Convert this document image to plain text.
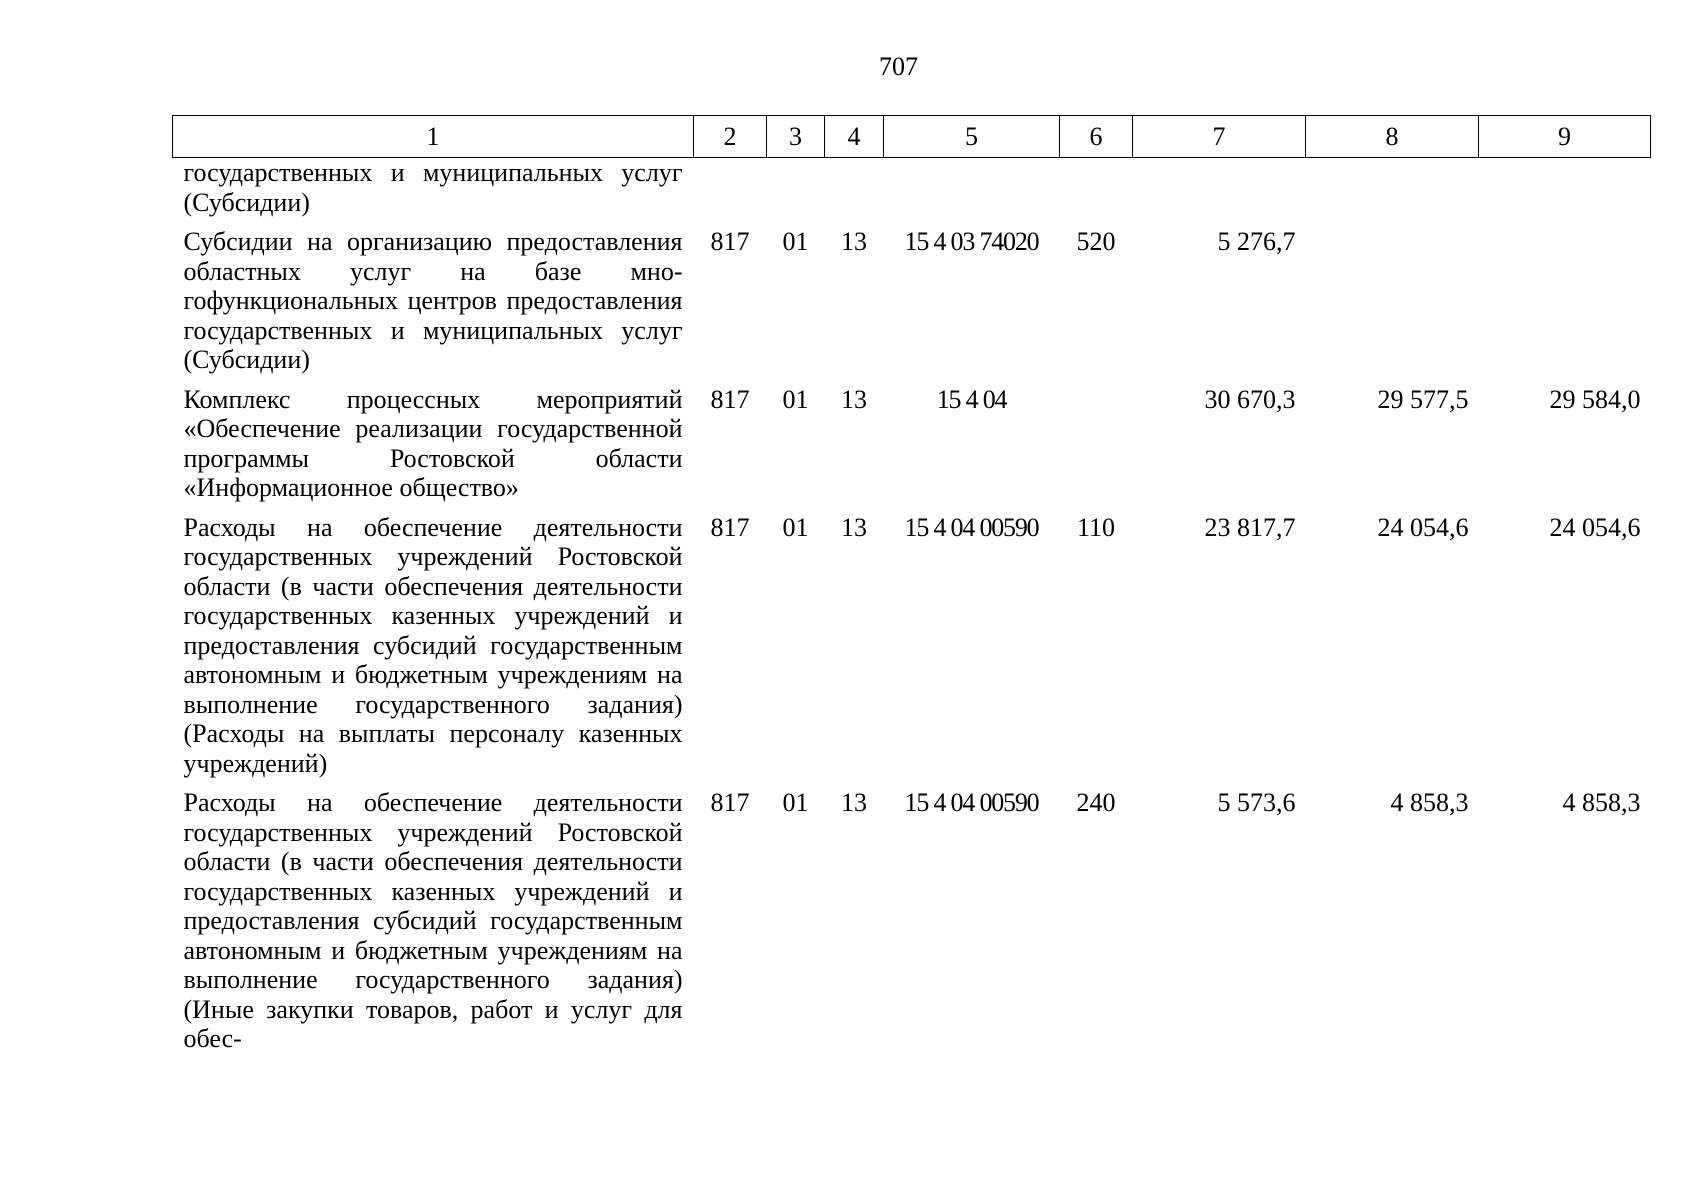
707
1	2	3	4	5	6	7	8	9
государственных и муниципальных услуг (Субсидии)								
Субсидии на организацию предоставления областных услуг на базе многофункциональных центров предоставления государственных и муниципальных услуг (Субсидии)	817	01	13	15 4 03 74020	520	5 276,7		
Комплекс процессных мероприятий «Обеспечение реализации государственной программы Ростовской области «Информационное общество»	817	01	13	15 4 04		30 670,3	29 577,5	29 584,0
Расходы на обеспечение деятельности государственных учреждений Ростовской области (в части обеспечения деятельности государственных казенных учреждений и предоставления субсидий государственным автономным и бюджетным учреждениям на выполнение государственного задания) (Расходы на выплаты персоналу казенных учреждений)	817	01	13	15 4 04 00590	110	23 817,7	24 054,6	24 054,6
Расходы на обеспечение деятельности государственных учреждений Ростовской области (в части обеспечения деятельности государственных казенных учреждений и предоставления субсидий государственным автономным и бюджетным учреждениям на выполнение государственного задания) (Иные закупки товаров, работ и услуг для обес-	817	01	13	15 4 04 00590	240	5 573,6	4 858,3	4 858,3
